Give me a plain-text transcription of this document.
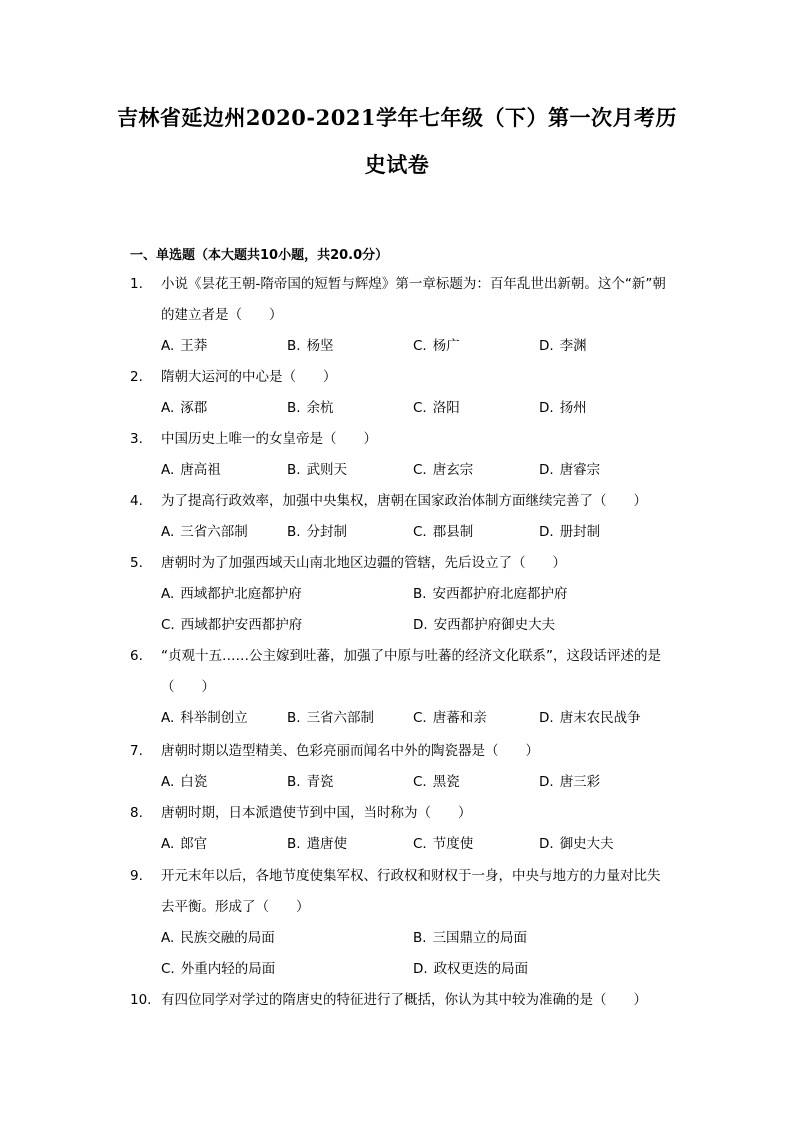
吉林省延边州2020-2021学年七年级（下）第一次月考历
史试卷
一、单选题（本大题共10小题，共20.0分）
1. 小说《昙花王朝-隋帝国的短暂与辉煌》第一章标题为：百年乱世出新朝。这个“新”朝的建立者是（　　）
A. 王莽	B. 杨坚	C. 杨广	D. 李渊
2. 隋朝大运河的中心是（　　）
A. 涿郡	B. 余杭	C. 洛阳	D. 扬州
3. 中国历史上唯一的女皇帝是（　　）
A. 唐高祖	B. 武则天	C. 唐玄宗	D. 唐睿宗
4. 为了提高行政效率，加强中央集权，唐朝在国家政治体制方面继续完善了（　　）
A. 三省六部制	B. 分封制	C. 郡县制	D. 册封制
5. 唐朝时为了加强西域天山南北地区边疆的管辖，先后设立了（　　）
A. 西域都护北庭都护府	B. 安西都护府北庭都护府
C. 西域都护安西都护府	D. 安西都护府御史大夫
6. “贞观十五……公主嫁到吐蕃，加强了中原与吐蕃的经济文化联系”，这段话评述的是（　　）
A. 科举制创立	B. 三省六部制	C. 唐蕃和亲	D. 唐末农民战争
7. 唐朝时期以造型精美、色彩亮丽而闻名中外的陶瓷器是（　　）
A. 白瓷	B. 青瓷	C. 黑瓷	D. 唐三彩
8. 唐朝时期，日本派遣使节到中国，当时称为（　　）
A. 郎官	B. 遣唐使	C. 节度使	D. 御史大夫
9. 开元末年以后，各地节度使集军权、行政权和财权于一身，中央与地方的力量对比失去平衡。形成了（　　）
A. 民族交融的局面	B. 三国鼎立的局面
C. 外重内轻的局面	D. 政权更迭的局面
10. 有四位同学对学过的隋唐史的特征进行了概括，你认为其中较为准确的是（　　）
